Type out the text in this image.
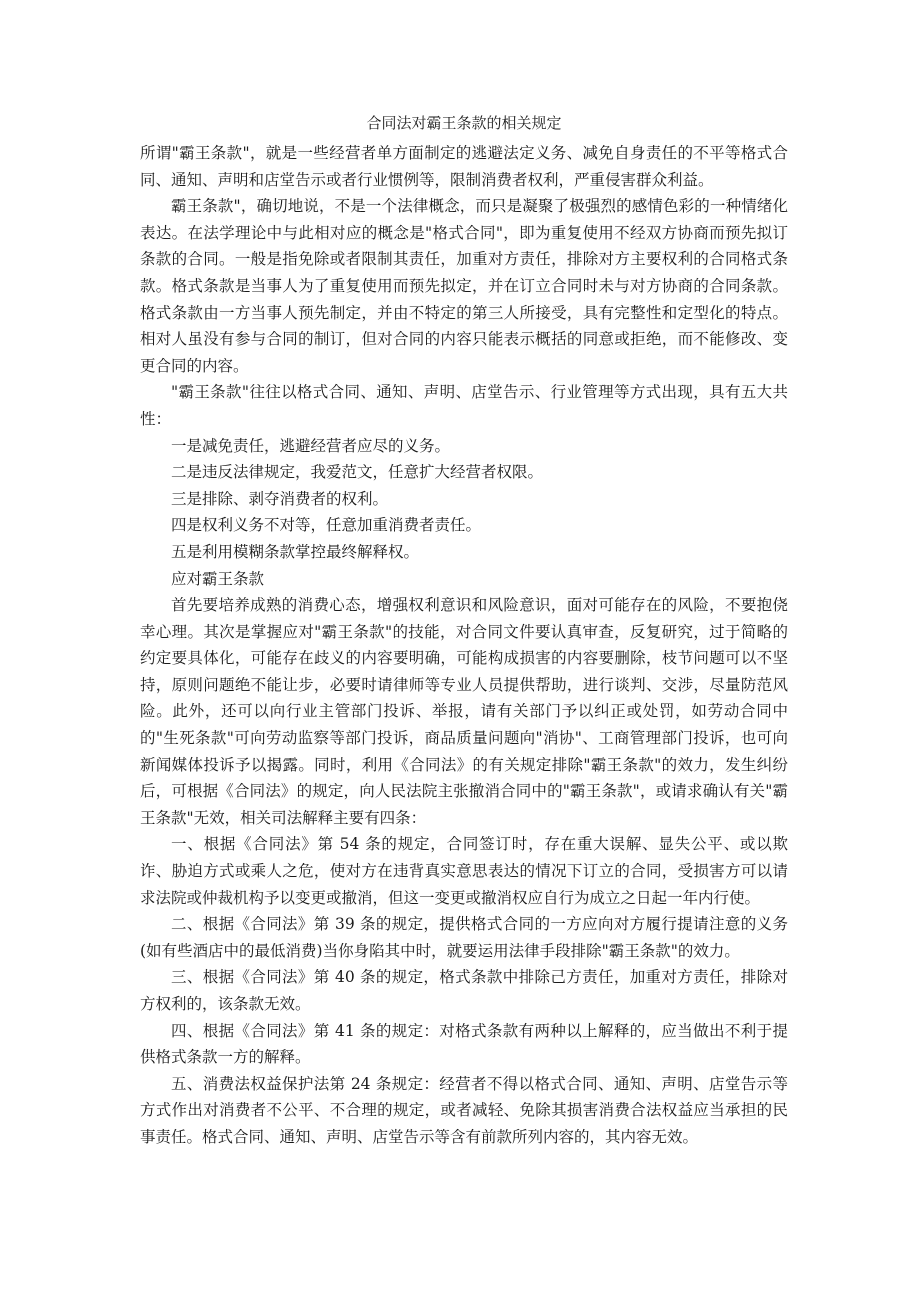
合同法对霸王条款的相关规定

所谓"霸王条款"，就是一些经营者单方面制定的逃避法定义务、减免自身责任的不平等格式合同、通知、声明和店堂告示或者行业惯例等，限制消费者权利，严重侵害群众利益。

霸王条款"，确切地说，不是一个法律概念，而只是凝聚了极强烈的感情色彩的一种情绪化表达。在法学理论中与此相对应的概念是"格式合同"，即为重复使用不经双方协商而预先拟订条款的合同。一般是指免除或者限制其责任，加重对方责任，排除对方主要权利的合同格式条款。格式条款是当事人为了重复使用而预先拟定，并在订立合同时未与对方协商的合同条款。格式条款由一方当事人预先制定，并由不特定的第三人所接受，具有完整性和定型化的特点。相对人虽没有参与合同的制订，但对合同的内容只能表示概括的同意或拒绝，而不能修改、变更合同的内容。

"霸王条款"往往以格式合同、通知、声明、店堂告示、行业管理等方式出现，具有五大共性：

一是减免责任，逃避经营者应尽的义务。

二是违反法律规定，我爱范文，任意扩大经营者权限。

三是排除、剥夺消费者的权利。

四是权利义务不对等，任意加重消费者责任。

五是利用模糊条款掌控最终解释权。

应对霸王条款

首先要培养成熟的消费心态，增强权利意识和风险意识，面对可能存在的风险，不要抱侥幸心理。其次是掌握应对"霸王条款"的技能，对合同文件要认真审查，反复研究，过于简略的约定要具体化，可能存在歧义的内容要明确，可能构成损害的内容要删除，枝节问题可以不坚持，原则问题绝不能让步，必要时请律师等专业人员提供帮助，进行谈判、交涉，尽量防范风险。此外，还可以向行业主管部门投诉、举报，请有关部门予以纠正或处罚，如劳动合同中的"生死条款"可向劳动监察等部门投诉，商品质量问题向"消协"、工商管理部门投诉，也可向新闻媒体投诉予以揭露。同时，利用《合同法》的有关规定排除"霸王条款"的效力，发生纠纷后，可根据《合同法》的规定，向人民法院主张撤消合同中的"霸王条款"，或请求确认有关"霸王条款"无效，相关司法解释主要有四条：

一、根据《合同法》第 54 条的规定，合同签订时，存在重大误解、显失公平、或以欺诈、胁迫方式或乘人之危，使对方在违背真实意思表达的情况下订立的合同，受损害方可以请求法院或仲裁机构予以变更或撤消，但这一变更或撤消权应自行为成立之日起一年内行使。

二、根据《合同法》第 39 条的规定，提供格式合同的一方应向对方履行提请注意的义务(如有些酒店中的最低消费)当你身陷其中时，就要运用法律手段排除"霸王条款"的效力。

三、根据《合同法》第 40 条的规定，格式条款中排除己方责任，加重对方责任，排除对方权利的，该条款无效。

四、根据《合同法》第 41 条的规定：对格式条款有两种以上解释的，应当做出不利于提供格式条款一方的解释。

五、消费法权益保护法第 24 条规定：经营者不得以格式合同、通知、声明、店堂告示等方式作出对消费者不公平、不合理的规定，或者减轻、免除其损害消费合法权益应当承担的民事责任。格式合同、通知、声明、店堂告示等含有前款所列内容的，其内容无效。
